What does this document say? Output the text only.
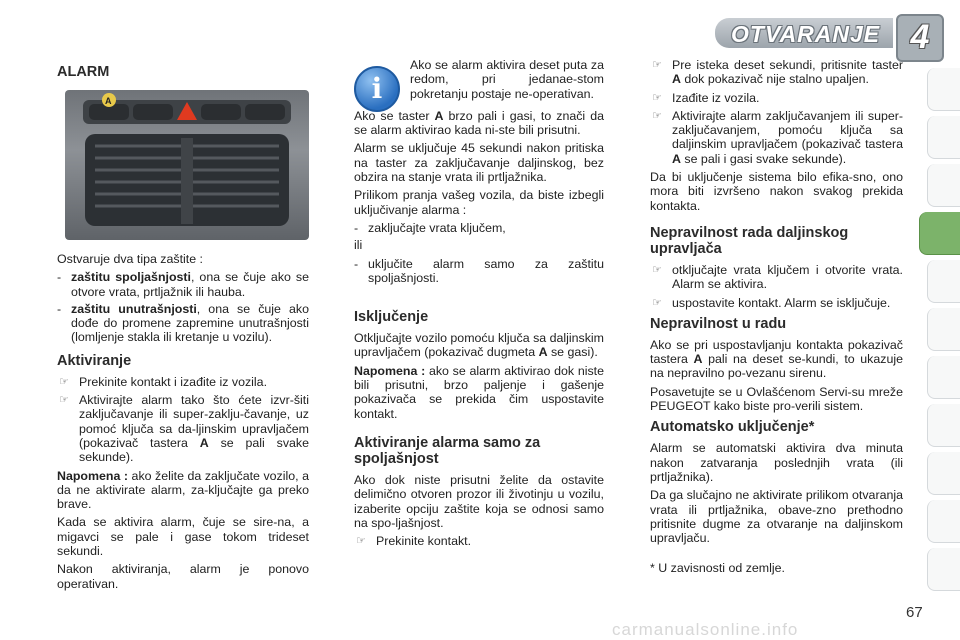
OTVARANJE 4
ALARM
A

Ostvaruje dva tipa zaštite :

- zaštitu spoljašnjosti, ona se čuje ako se otvore vrata, prtljažnik ili hauba.
- zaštitu unutrašnjosti, ona se čuje ako dođe do promene zapremine unutrašnjosti (lomljenje stakla ili kretanje u vozilu).
Aktiviranje
☞ Prekinite kontakt i izađite iz vozila.
☞ Aktivirajte alarm tako što ćete izvr-šiti zaključavanje ili super-zaklju-čavanje, uz pomoć ključa sa da-ljinskim upravljačem (pokazivač tastera A se pali svake sekunde).

Napomena : ako želite da zaključate vozilo, a da ne aktivirate alarm, za-ključajte ga preko brave.

Kada se aktivira alarm, čuje se sire-na, a migavci se pale i gase tokom trideset sekundi.

Nakon aktiviranja, alarm je ponovo operativan.

i

Ako se alarm aktivira deset puta za redom, pri jedanae-stom pokretanju postaje ne-operativan.

Ako se taster A brzo pali i gasi, to znači da se alarm aktivirao kada ni-ste bili prisutni.

Alarm se uključuje 45 sekundi nakon pritiska na taster za zaključavanje daljinskog, bez obzira na stanje vrata ili prtljažnika.

Prilikom pranja vašeg vozila, da biste izbegli uključivanje alarma :

- zaključajte vrata ključem,

ili

- uključite alarm samo za zaštitu spoljašnjosti.
Isključenje

Otključajte vozilo pomoću ključa sa daljinskim upravljačem (pokazivač dugmeta A se gasi).

Napomena : ako se alarm aktivirao dok niste bili prisutni, brzo paljenje i gašenje pokazivača se prekida čim uspostavite kontakt.

Aktiviranje alarma samo za spoljašnjost

Ako dok niste prisutni želite da ostavite delimično otvoren prozor ili životinju u vozilu, izaberite opciju zaštite koja se odnosi samo na spo-ljašnjost.

☞ Prekinite kontakt.
☞ Pre isteka deset sekundi, pritisnite taster A dok pokazivač nije stalno upaljen.
☞ Izađite iz vozila.
☞ Aktivirajte alarm zaključavanjem ili super-zaključavanjem, pomoću ključa sa daljinskim upravljačem (pokazivač tastera A se pali i gasi svake sekunde).

Da bi uključenje sistema bilo efika-sno, ono mora biti izvršeno nakon svakog prekida kontakta.

Nepravilnost rada daljinskog upravljača
☞ otključajte vrata ključem i otvorite vrata. Alarm se aktivira.
☞ uspostavite kontakt. Alarm se isključuje.
Nepravilnost u radu

Ako se pri uspostavljanju kontakta pokazivač tastera A pali na deset se-kundi, to ukazuje na nepravilno po-vezanu sirenu.

Posavetujte se u Ovlašćenom Servi-su mreže PEUGEOT kako biste pro-verili sistem.

Automatsko uključenje*

Alarm se automatski aktivira dva minuta nakon zatvaranja poslednjih vrata (ili prtljažnika).

Da ga slučajno ne aktivirate prilikom otvaranja vrata ili prtljažnika, obave-zno prethodno pritisnite dugme za otvaranje na daljinskom upravljaču.

* U zavisnosti od zemlje.

67
carmanualsonline.info
